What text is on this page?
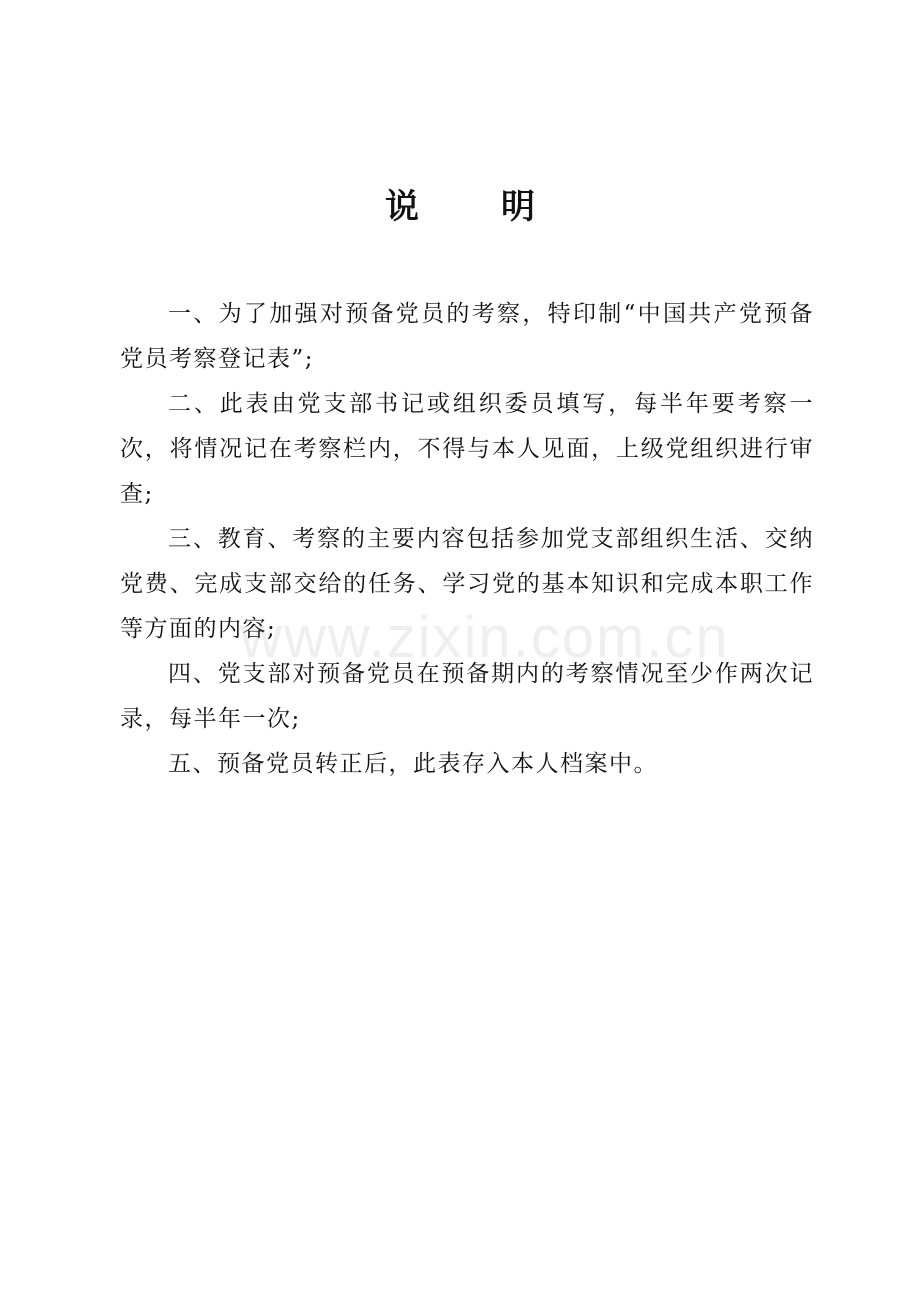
说 明

一、为了加强对预备党员的考察，特印制“中国共产党预备党员考察登记表”;

二、此表由党支部书记或组织委员填写，每半年要考察一次，将情况记在考察栏内，不得与本人见面，上级党组织进行审查;

三、教育、考察的主要内容包括参加党支部组织生活、交纳党费、完成支部交给的任务、学习党的基本知识和完成本职工作等方面的内容;

四、党支部对预备党员在预备期内的考察情况至少作两次记录，每半年一次;

五、预备党员转正后，此表存入本人档案中。

www.zixin.com.cn
